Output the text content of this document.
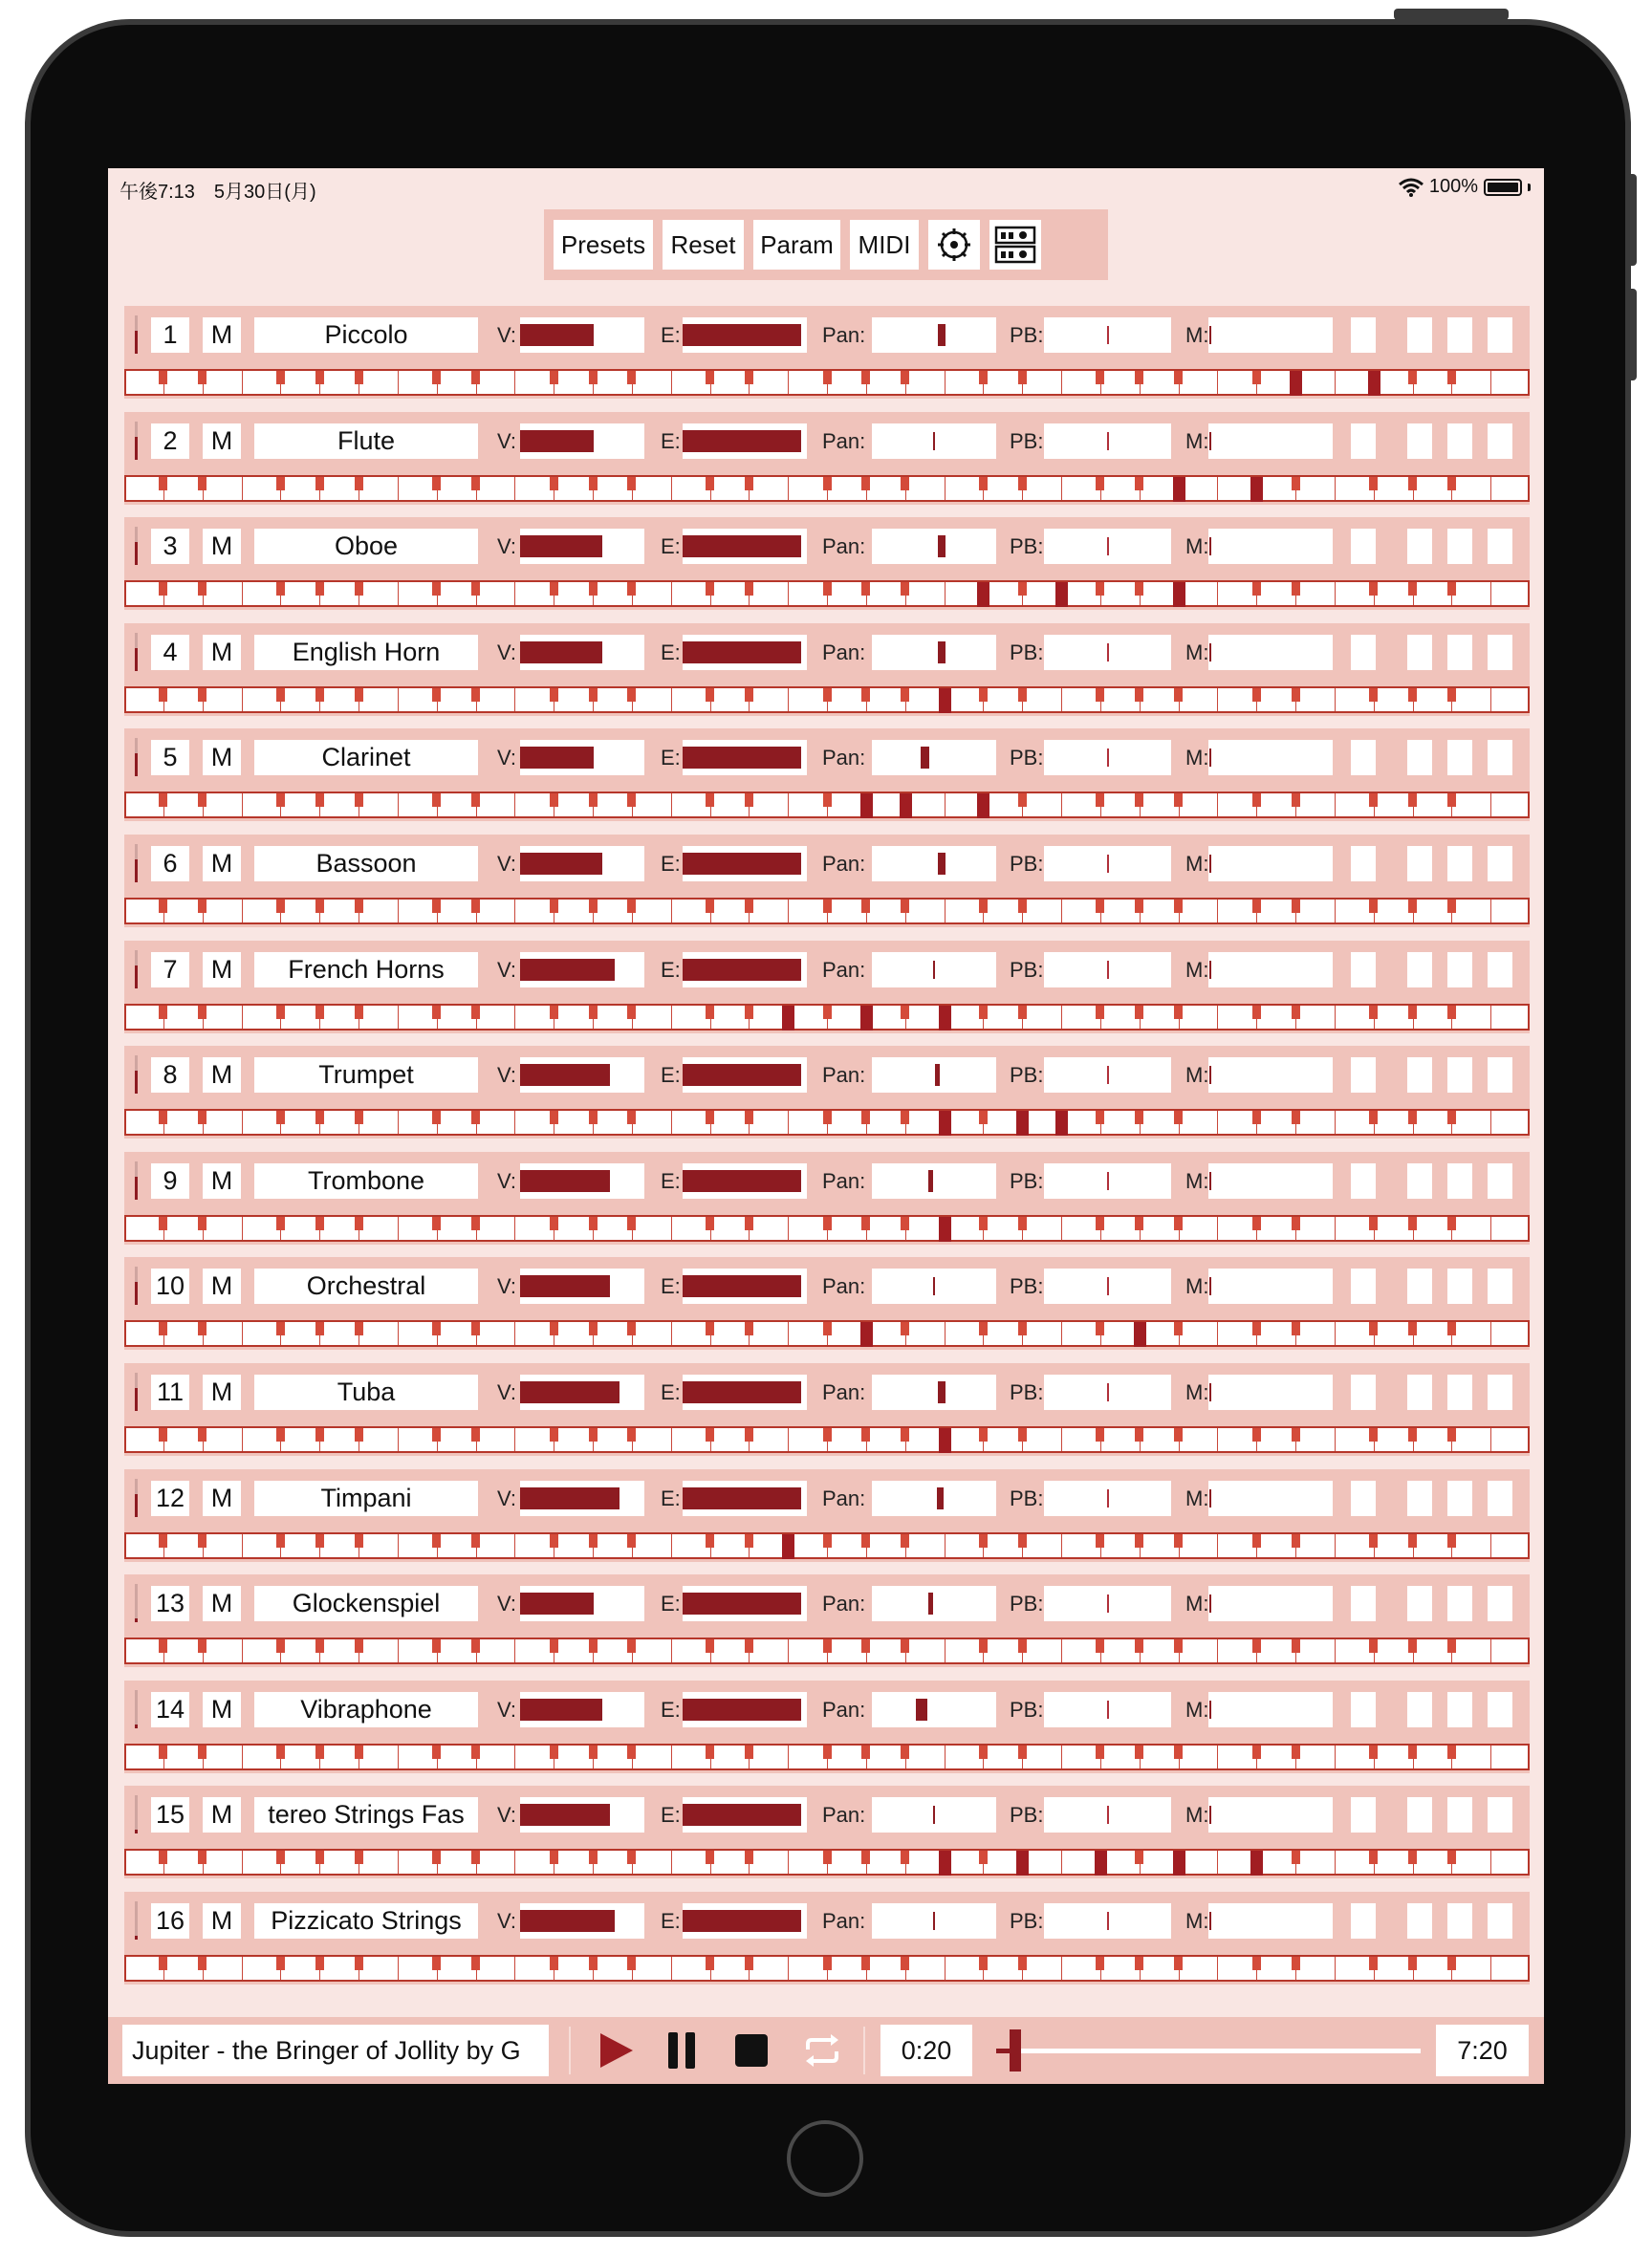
午後7:13　5月30日(月)	100%
Presets	Reset Param MIDI
1	M	Piccolo	V:	E:	Pan:	PB:	M:
2	M	Flute	V:	E:	Pan:	PB:	M:
3	M	Oboe	V:	E:	Pan:	PB:	M:
4	M	English Horn	V:	E:	Pan:	PB:	M:
5	M	Clarinet	V:	E:	Pan:	PB:	M:
6	M	Bassoon	V:	E:	Pan:	PB:	M:
7	M	French Horns	V:	E:	Pan:	PB:	M:
8	M	Trumpet	V:	E:	Pan:	PB:	M:
9	M	Trombone	V:	E:	Pan:	PB:	M:
10	M	Orchestral	V:	E:	Pan:	PB:	M:
11	M	Tuba	V:	E:	Pan:	PB:	M:
12	M	Timpani	V:	E:	Pan:	PB:	M:
13	M	Glockenspiel	V:	E:	Pan:	PB:	M:
14	M	Vibraphone	V:	E:	Pan:	PB:	M:
15	M	tereo Strings Fas	V:	E:	Pan:	PB:	M:
16	M	Pizzicato Strings	V:	E:	Pan:	PB:	M:
Jupiter - the Bringer of Jollity by G	0:20	7:20
